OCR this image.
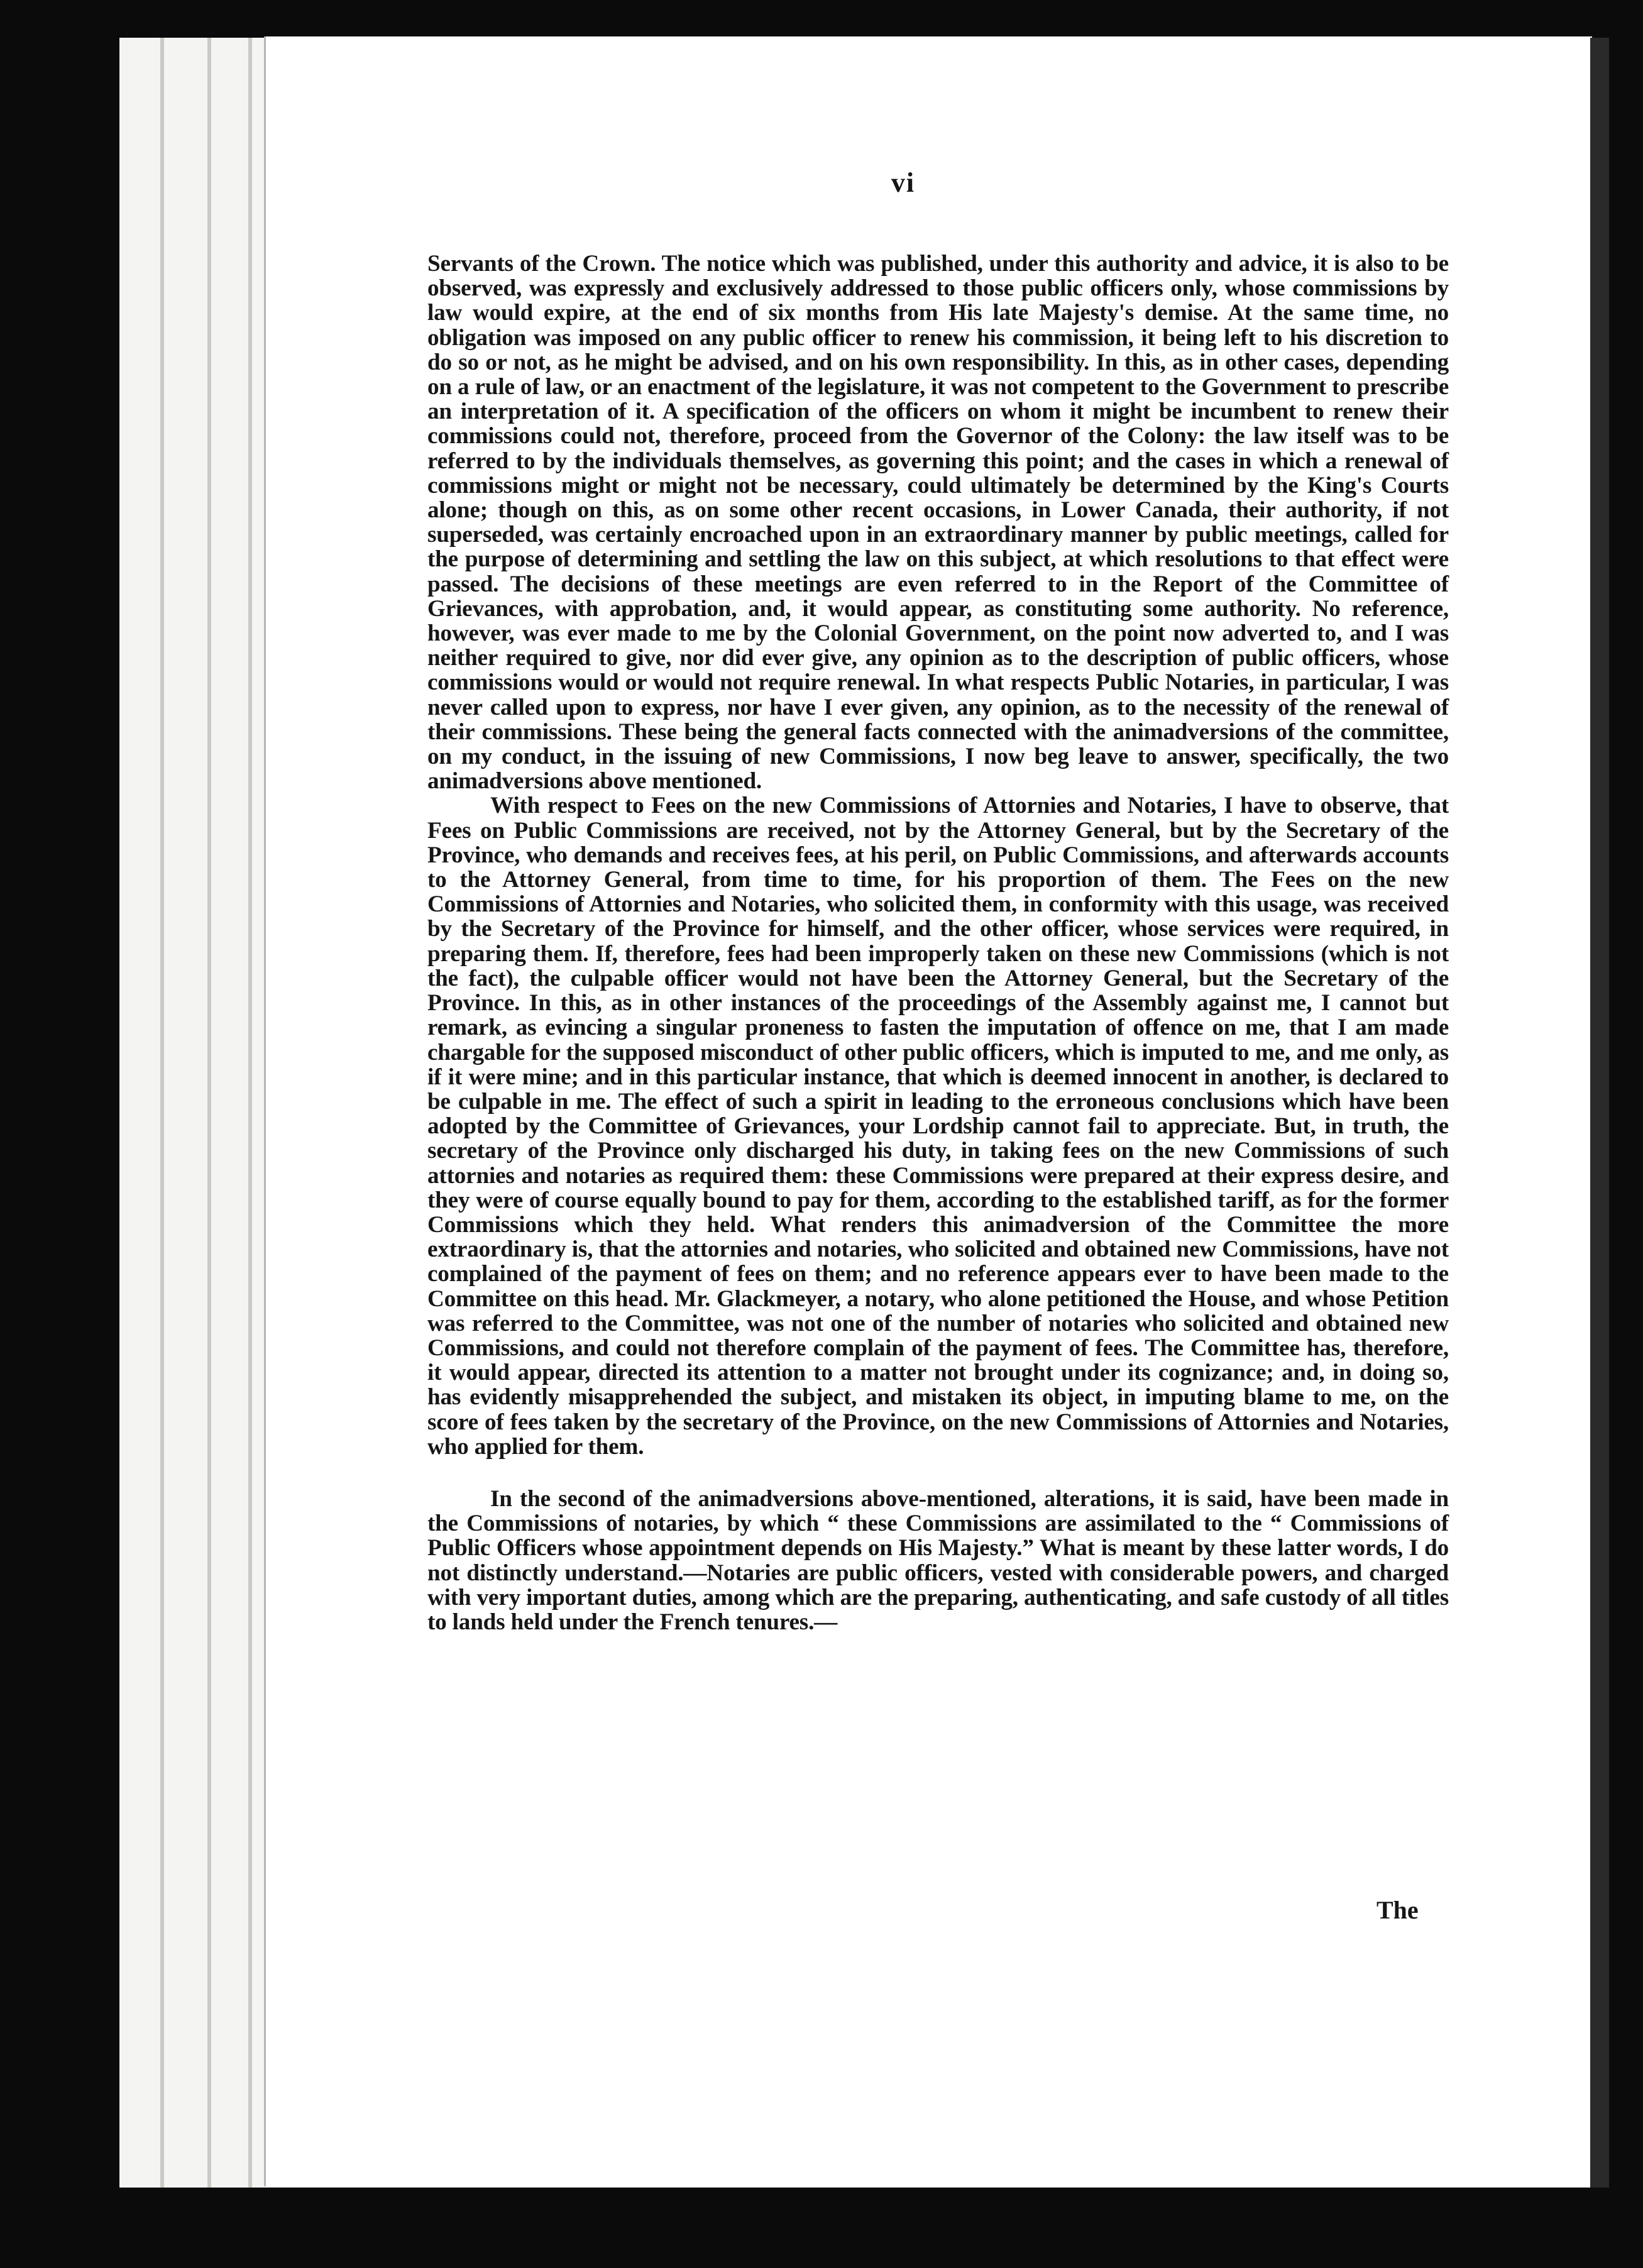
vi

Servants of the Crown. The notice which was published, under this authority and advice, it is also to be observed, was expressly and exclusively addressed to those public officers only, whose commissions by law would expire, at the end of six months from His late Majesty's demise. At the same time, no obligation was imposed on any public officer to renew his commission, it being left to his discretion to do so or not, as he might be advised, and on his own responsibility. In this, as in other cases, depending on a rule of law, or an enactment of the legislature, it was not competent to the Government to prescribe an interpretation of it. A specification of the officers on whom it might be incumbent to renew their commissions could not, therefore, proceed from the Governor of the Colony: the law itself was to be referred to by the individuals themselves, as governing this point; and the cases in which a renewal of commissions might or might not be necessary, could ultimately be determined by the King's Courts alone; though on this, as on some other recent occasions, in Lower Canada, their authority, if not superseded, was certainly encroached upon in an extraordinary manner by public meetings, called for the purpose of determining and settling the law on this subject, at which resolutions to that effect were passed. The decisions of these meetings are even referred to in the Report of the Committee of Grievances, with approbation, and, it would appear, as constituting some authority. No reference, however, was ever made to me by the Colonial Government, on the point now adverted to, and I was neither required to give, nor did ever give, any opinion as to the description of public officers, whose commissions would or would not require renewal. In what respects Public Notaries, in particular, I was never called upon to express, nor have I ever given, any opinion, as to the necessity of the renewal of their commissions. These being the general facts connected with the animadversions of the committee, on my conduct, in the issuing of new Commissions, I now beg leave to answer, specifically, the two animadversions above mentioned.

With respect to Fees on the new Commissions of Attornies and Notaries, I have to observe, that Fees on Public Commissions are received, not by the Attorney General, but by the Secretary of the Province, who demands and receives fees, at his peril, on Public Commissions, and afterwards accounts to the Attorney General, from time to time, for his proportion of them. The Fees on the new Commissions of Attornies and Notaries, who solicited them, in conformity with this usage, was received by the Secretary of the Province for himself, and the other officer, whose services were required, in preparing them. If, therefore, fees had been improperly taken on these new Commissions (which is not the fact), the culpable officer would not have been the Attorney General, but the Secretary of the Province. In this, as in other instances of the proceedings of the Assembly against me, I cannot but remark, as evincing a singular proneness to fasten the imputation of offence on me, that I am made chargable for the supposed misconduct of other public officers, which is imputed to me, and me only, as if it were mine; and in this particular instance, that which is deemed innocent in another, is declared to be culpable in me. The effect of such a spirit in leading to the erroneous conclusions which have been adopted by the Committee of Grievances, your Lordship cannot fail to appreciate. But, in truth, the secretary of the Province only discharged his duty, in taking fees on the new Commissions of such attornies and notaries as required them: these Commissions were prepared at their express desire, and they were of course equally bound to pay for them, according to the established tariff, as for the former Commissions which they held. What renders this animadversion of the Committee the more extraordinary is, that the attornies and notaries, who solicited and obtained new Commissions, have not complained of the payment of fees on them; and no reference appears ever to have been made to the Committee on this head. Mr. Glackmeyer, a notary, who alone petitioned the House, and whose Petition was referred to the Committee, was not one of the number of notaries who solicited and obtained new Commissions, and could not therefore complain of the payment of fees. The Committee has, therefore, it would appear, directed its attention to a matter not brought under its cognizance; and, in doing so, has evidently misapprehended the subject, and mistaken its object, in imputing blame to me, on the score of fees taken by the secretary of the Province, on the new Commissions of Attornies and Notaries, who applied for them.

In the second of the animadversions above-mentioned, alterations, it is said, have been made in the Commissions of notaries, by which “ these Commissions are assimilated to the “ Commissions of Public Officers whose appointment depends on His Majesty.” What is meant by these latter words, I do not distinctly understand.—Notaries are public officers, vested with considerable powers, and charged with very important duties, among which are the preparing, authenticating, and safe custody of all titles to lands held under the French tenures.—

The
